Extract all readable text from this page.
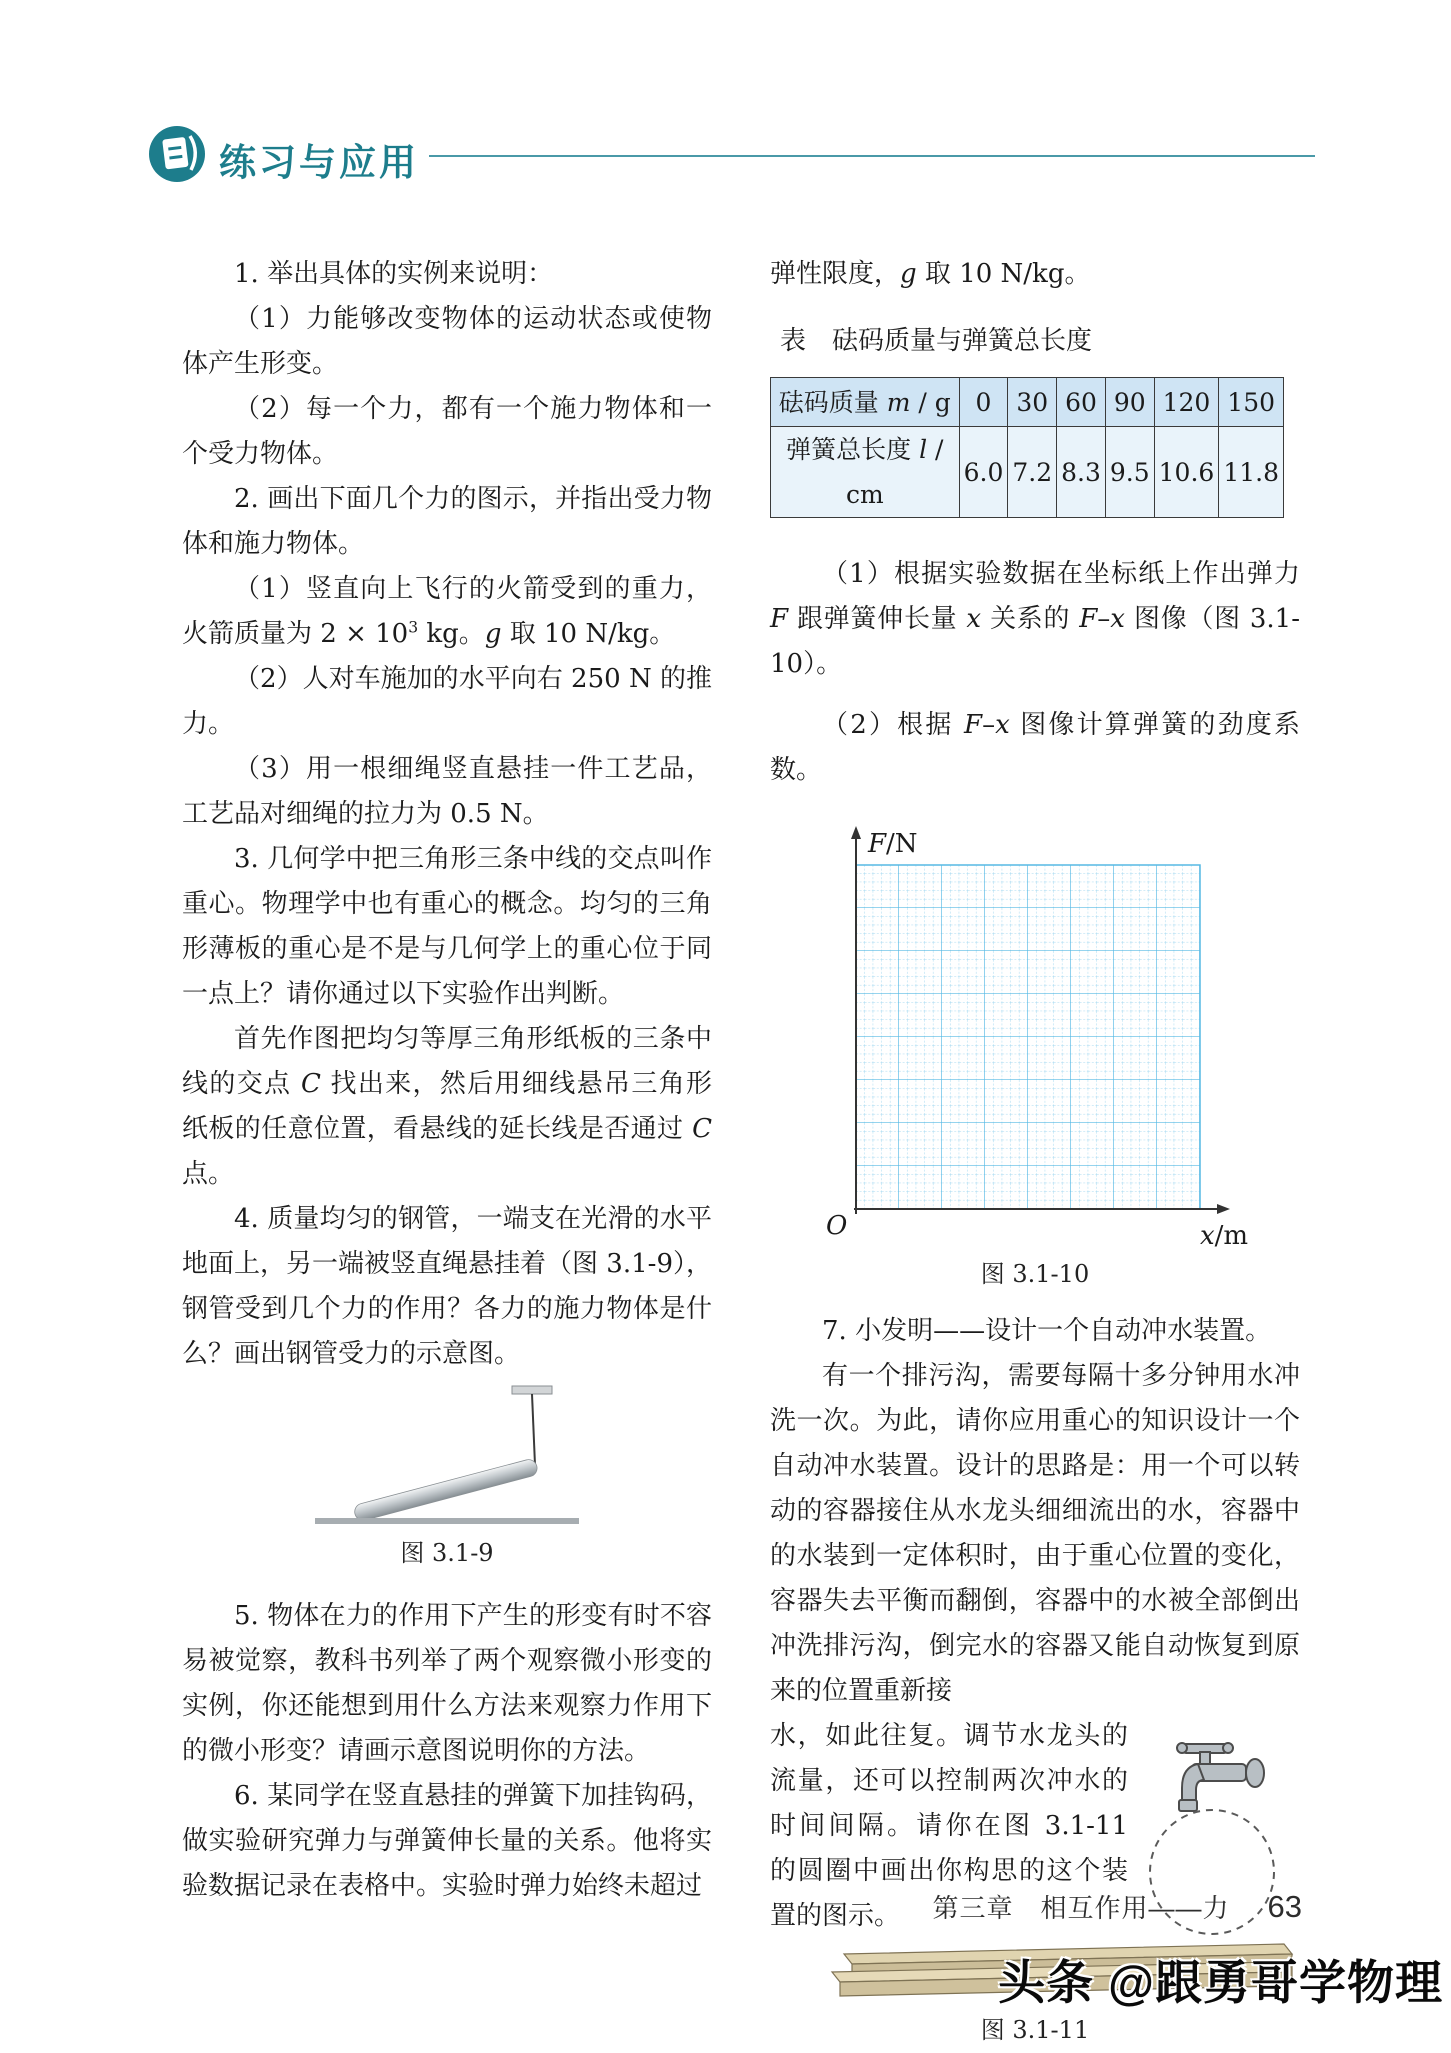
练习与应用

1. 举出具体的实例来说明：

（1）力能够改变物体的运动状态或使物体产生形变。

（2）每一个力，都有一个施力物体和一个受力物体。

2. 画出下面几个力的图示，并指出受力物体和施力物体。

（1）竖直向上飞行的火箭受到的重力，火箭质量为 $2 \times 10^3$ kg。g 取 10 N/kg。

（2）人对车施加的水平向右 250 N 的推力。

（3）用一根细绳竖直悬挂一件工艺品，工艺品对细绳的拉力为 0.5 N。

3. 几何学中把三角形三条中线的交点叫作重心。物理学中也有重心的概念。均匀的三角形薄板的重心是不是与几何学上的重心位于同一点上？请你通过以下实验作出判断。

首先作图把均匀等厚三角形纸板的三条中线的交点 C 找出来，然后用细线悬吊三角形纸板的任意位置，看悬线的延长线是否通过 C 点。

4. 质量均匀的钢管，一端支在光滑的水平地面上，另一端被竖直绳悬挂着（图 3.1-9），钢管受到几个力的作用？各力的施力物体是什么？画出钢管受力的示意图。

图 3.1-9

5. 物体在力的作用下产生的形变有时不容易被觉察，教科书列举了两个观察微小形变的实例，你还能想到用什么方法来观察力作用下的微小形变？请画示意图说明你的方法。

6. 某同学在竖直悬挂的弹簧下加挂钩码，做实验研究弹力与弹簧伸长量的关系。他将实验数据记录在表格中。实验时弹力始终未超过

弹性限度，g 取 10 N/kg。

表　砝码质量与弹簧总长度

砝码质量 m / g	0	30	60	90	120	150
弹簧总长度 l / cm	6.0	7.2	8.3	9.5	10.6	11.8

（1）根据实验数据在坐标纸上作出弹力 F 跟弹簧伸长量 x 关系的 F–x 图像（图 3.1-10）。

（2）根据 F–x 图像计算弹簧的劲度系数。

F/N
x/m
O

图 3.1-10

7. 小发明——设计一个自动冲水装置。

有一个排污沟，需要每隔十多分钟用水冲洗一次。为此，请你应用重心的知识设计一个自动冲水装置。设计的思路是：用一个可以转动的容器接住从水龙头细细流出的水，容器中的水装到一定体积时，由于重心位置的变化，容器失去平衡而翻倒，容器中的水被全部倒出冲洗排污沟，倒完水的容器又能自动恢复到原来的位置重新接

水，如此往复。调节水龙头的流量，还可以控制两次冲水的时间间隔。请你在图 3.1-11 的圆圈中画出你构思的这个装置的图示。

图 3.1-11

第三章　相互作用——力 63
头条 @跟勇哥学物理
